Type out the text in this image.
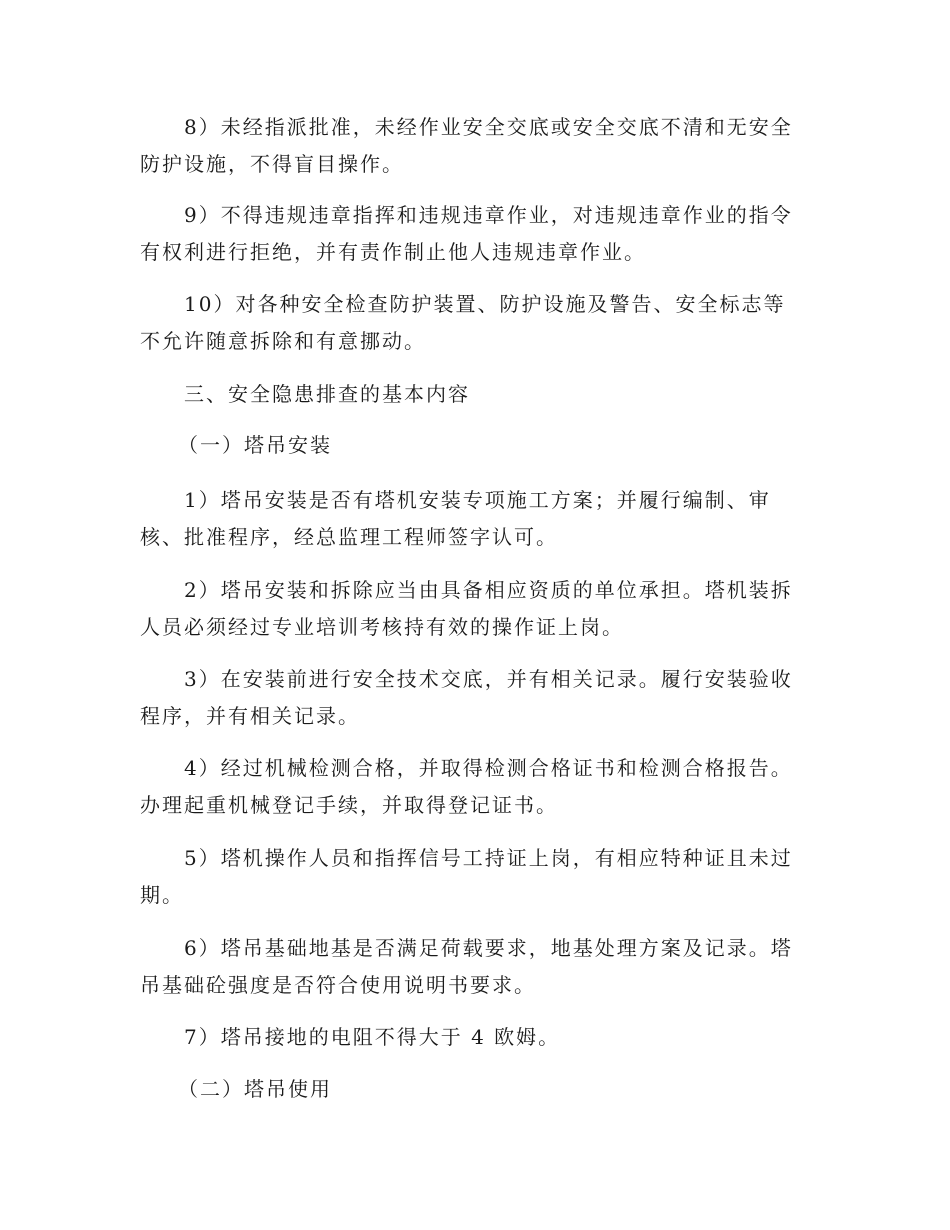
8）未经指派批准，未经作业安全交底或安全交底不清和无安全防护设施，不得盲目操作。

9）不得违规违章指挥和违规违章作业，对违规违章作业的指令有权利进行拒绝，并有责作制止他人违规违章作业。

10）对各种安全检查防护装置、防护设施及警告、安全标志等不允许随意拆除和有意挪动。

三、安全隐患排查的基本内容

（一）塔吊安装

1）塔吊安装是否有塔机安装专项施工方案；并履行编制、审核、批准程序，经总监理工程师签字认可。

2）塔吊安装和拆除应当由具备相应资质的单位承担。塔机装拆人员必须经过专业培训考核持有效的操作证上岗。

3）在安装前进行安全技术交底，并有相关记录。履行安装验收程序，并有相关记录。

4）经过机械检测合格，并取得检测合格证书和检测合格报告。办理起重机械登记手续，并取得登记证书。

5）塔机操作人员和指挥信号工持证上岗，有相应特种证且未过期。

6）塔吊基础地基是否满足荷载要求，地基处理方案及记录。塔吊基础砼强度是否符合使用说明书要求。

7）塔吊接地的电阻不得大于 4 欧姆。

（二）塔吊使用
